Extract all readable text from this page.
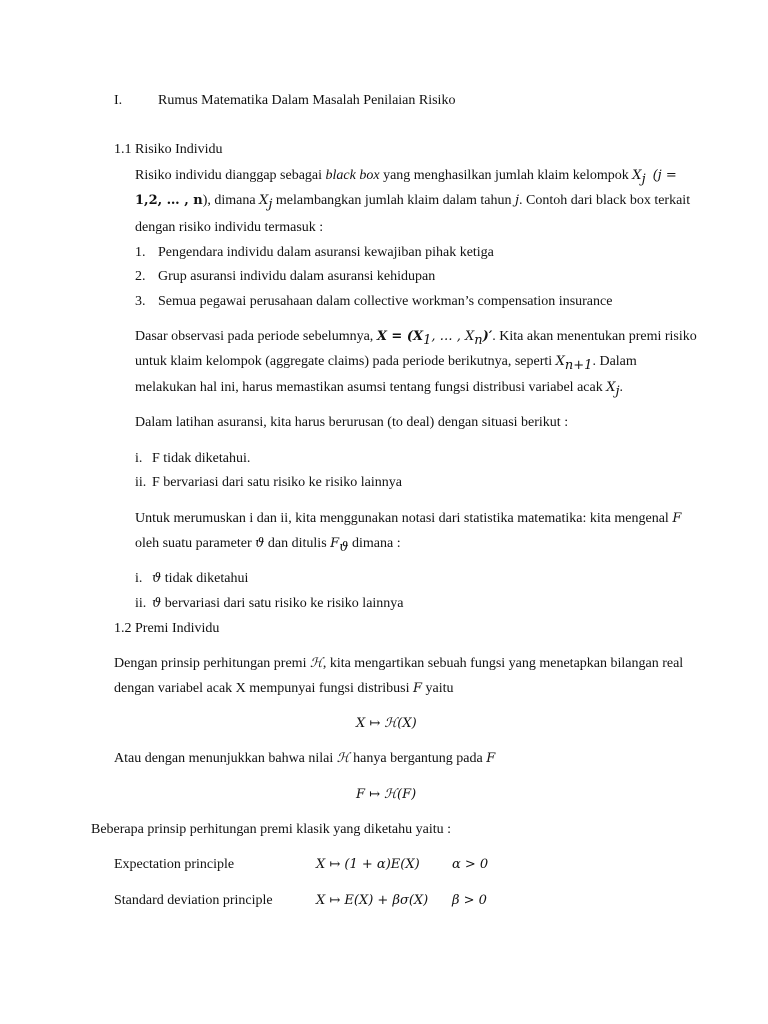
I.	Rumus Matematika Dalam Masalah Penilaian Risiko
1.1 Risiko Individu
Risiko individu dianggap sebagai black box yang menghasilkan jumlah klaim kelompok $X_j$ (j =
1,2, … , n), dimana $X_j$ melambangkan jumlah klaim dalam tahun j. Contoh dari black box terkait
dengan risiko individu termasuk :
1. Pengendara individu dalam asuransi kewajiban pihak ketiga
2. Grup asuransi individu dalam asuransi kehidupan
3. Semua pegawai perusahaan dalam collective workman’s compensation insurance
Dasar observasi pada periode sebelumnya, $X = (X_1$, … , $X_n)'$. Kita akan menentukan premi risiko
untuk klaim kelompok (aggregate claims) pada periode berikutnya, seperti $X_{n+1}$. Dalam
melakukan hal ini, harus memastikan asumsi tentang fungsi distribusi variabel acak $X_j$.
Dalam latihan asuransi, kita harus berurusan (to deal) dengan situasi berikut :
i. F tidak diketahui.
ii. F bervariasi dari satu risiko ke risiko lainnya
Untuk merumuskan i dan ii, kita menggunakan notasi dari statistika matematika: kita mengenal F
oleh suatu parameter ϑ dan ditulis $F_ϑ$ dimana :
i. ϑ tidak diketahui
ii. ϑ bervariasi dari satu risiko ke risiko lainnya
1.2 Premi Individu
Dengan prinsip perhitungan premi ℋ, kita mengartikan sebuah fungsi yang menetapkan bilangan real
dengan variabel acak X mempunyai fungsi distribusi F yaitu
X ↦ ℋ(X)
Atau dengan menunjukkan bahwa nilai ℋ hanya bergantung pada F
F ↦ ℋ(F)
Beberapa prinsip perhitungan premi klasik yang diketahu yaitu :
Expectation principle	X ↦ (1 + α)E(X) α > 0
Standard deviation principle	X ↦ E(X) + βσ(X) β > 0
